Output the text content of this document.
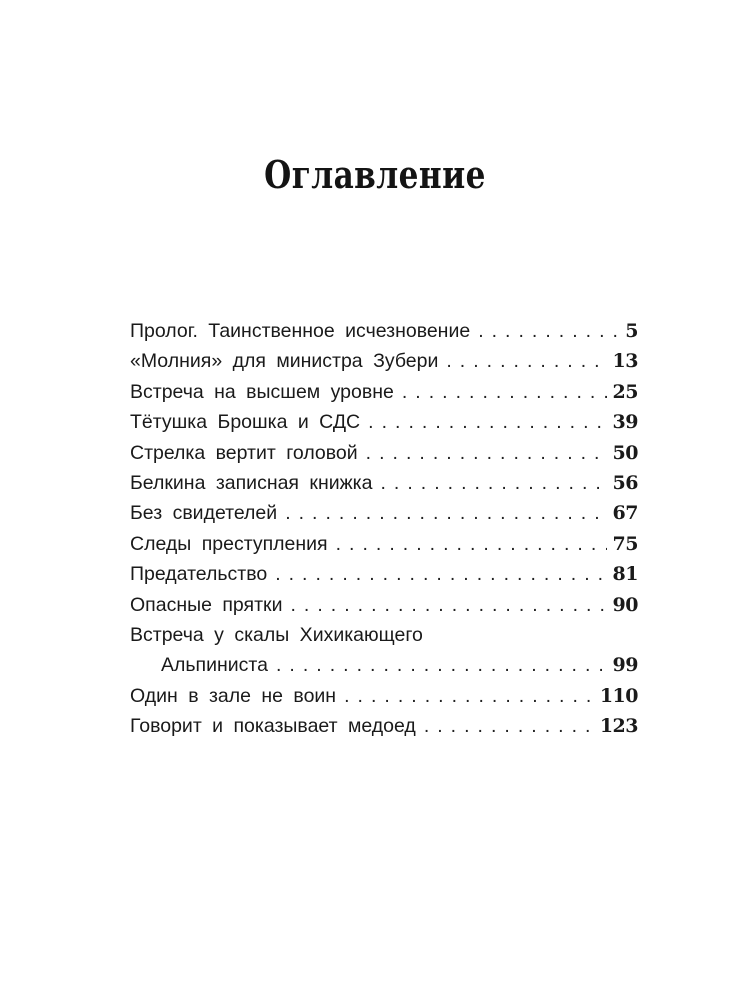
Оглавление
Пролог. Таинственное исчезновение . . .	5
«Молния» для министра Зубери . . .	13
Встреча на высшем уровне . . .	25
Тётушка Брошка и СДС . . .	39
Стрелка вертит головой . . .	50
Белкина записная книжка . . .	56
Без свидетелей . . .	67
Следы преступления . . .	75
Предательство . . .	81
Опасные прятки . . .	90
Встреча у скалы Хихикающего
Альпиниста . . .	99
Один в зале не воин . . .	110
Говорит и показывает медоед . . .	123
